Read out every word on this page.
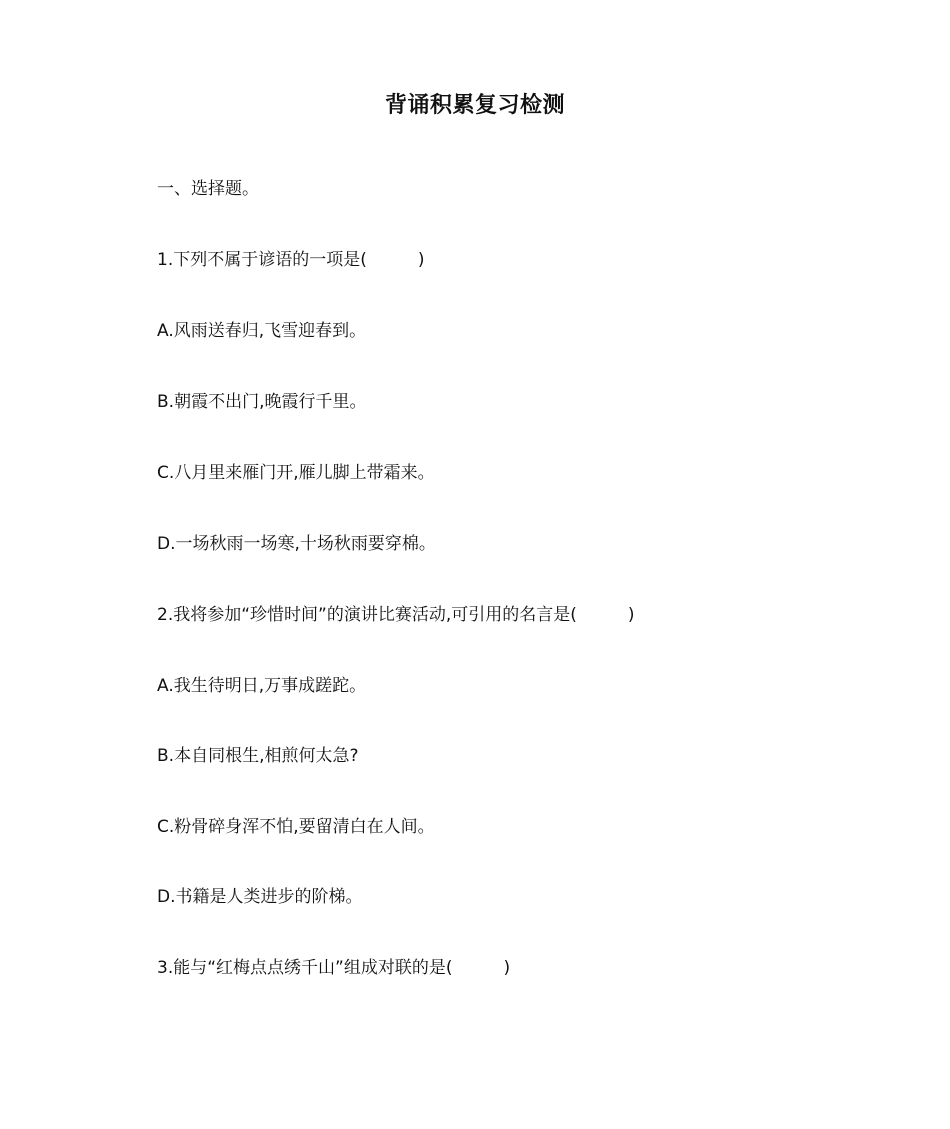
背诵积累复习检测
一、选择题。
1.下列不属于谚语的一项是(　　　)
A.风雨送春归,飞雪迎春到。
B.朝霞不出门,晚霞行千里。
C.八月里来雁门开,雁儿脚上带霜来。
D.一场秋雨一场寒,十场秋雨要穿棉。
2.我将参加“珍惜时间”的演讲比赛活动,可引用的名言是(　　　)
A.我生待明日,万事成蹉跎。
B.本自同根生,相煎何太急?
C.粉骨碎身浑不怕,要留清白在人间。
D.书籍是人类进步的阶梯。
3.能与“红梅点点绣千山”组成对联的是(　　　)
